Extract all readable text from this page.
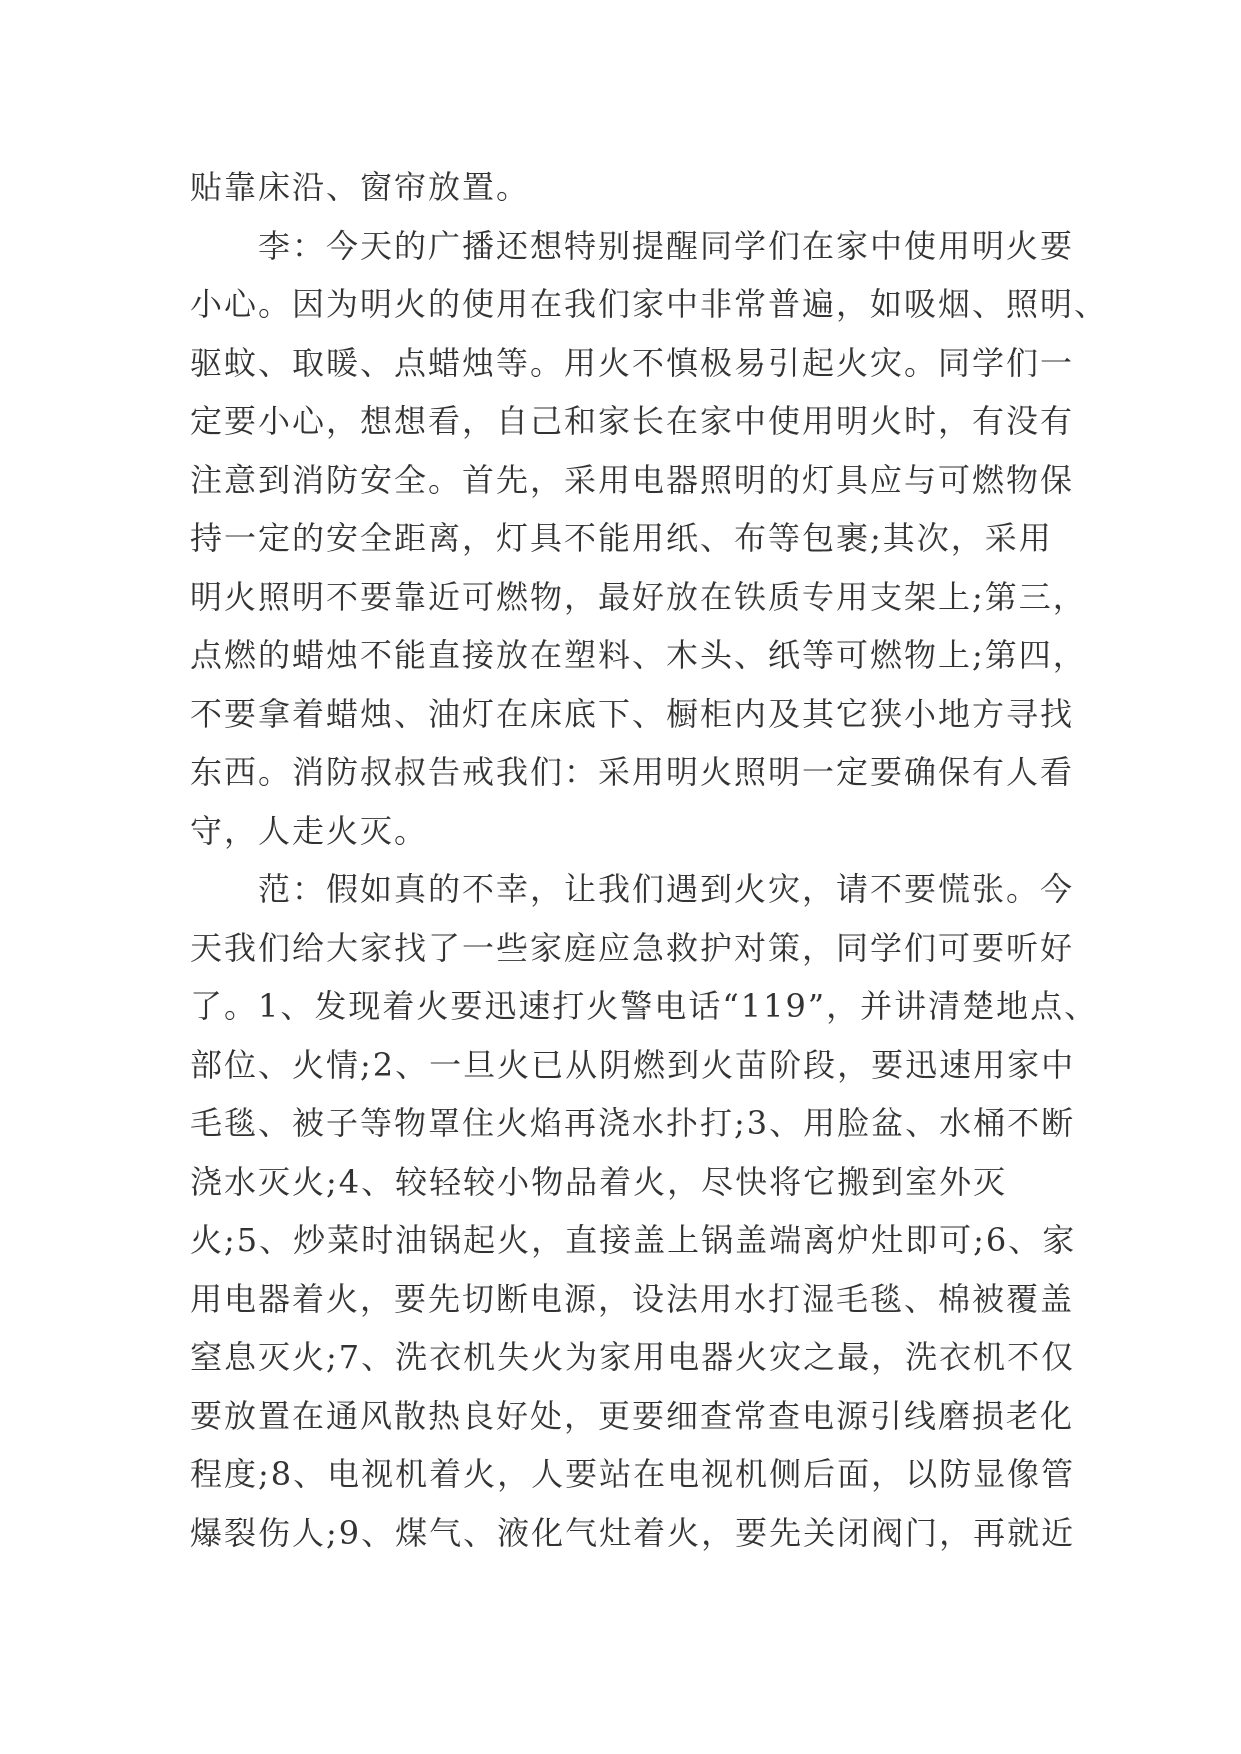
贴靠床沿、窗帘放置。
李：今天的广播还想特别提醒同学们在家中使用明火要
小心。因为明火的使用在我们家中非常普遍，如吸烟、照明、
驱蚊、取暖、点蜡烛等。用火不慎极易引起火灾。同学们一
定要小心，想想看，自己和家长在家中使用明火时，有没有
注意到消防安全。首先，采用电器照明的灯具应与可燃物保
持一定的安全距离，灯具不能用纸、布等包裹;其次，采用
明火照明不要靠近可燃物，最好放在铁质专用支架上;第三，
点燃的蜡烛不能直接放在塑料、木头、纸等可燃物上;第四，
不要拿着蜡烛、油灯在床底下、橱柜内及其它狭小地方寻找
东西。消防叔叔告戒我们：采用明火照明一定要确保有人看
守，人走火灭。
范：假如真的不幸，让我们遇到火灾，请不要慌张。今
天我们给大家找了一些家庭应急救护对策，同学们可要听好
了。1、发现着火要迅速打火警电话“119”，并讲清楚地点、
部位、火情;2、一旦火已从阴燃到火苗阶段，要迅速用家中
毛毯、被子等物罩住火焰再浇水扑打;3、用脸盆、水桶不断
浇水灭火;4、较轻较小物品着火，尽快将它搬到室外灭
火;5、炒菜时油锅起火，直接盖上锅盖端离炉灶即可;6、家
用电器着火，要先切断电源，设法用水打湿毛毯、棉被覆盖
窒息灭火;7、洗衣机失火为家用电器火灾之最，洗衣机不仅
要放置在通风散热良好处，更要细查常查电源引线磨损老化
程度;8、电视机着火，人要站在电视机侧后面，以防显像管
爆裂伤人;9、煤气、液化气灶着火，要先关闭阀门，再就近
